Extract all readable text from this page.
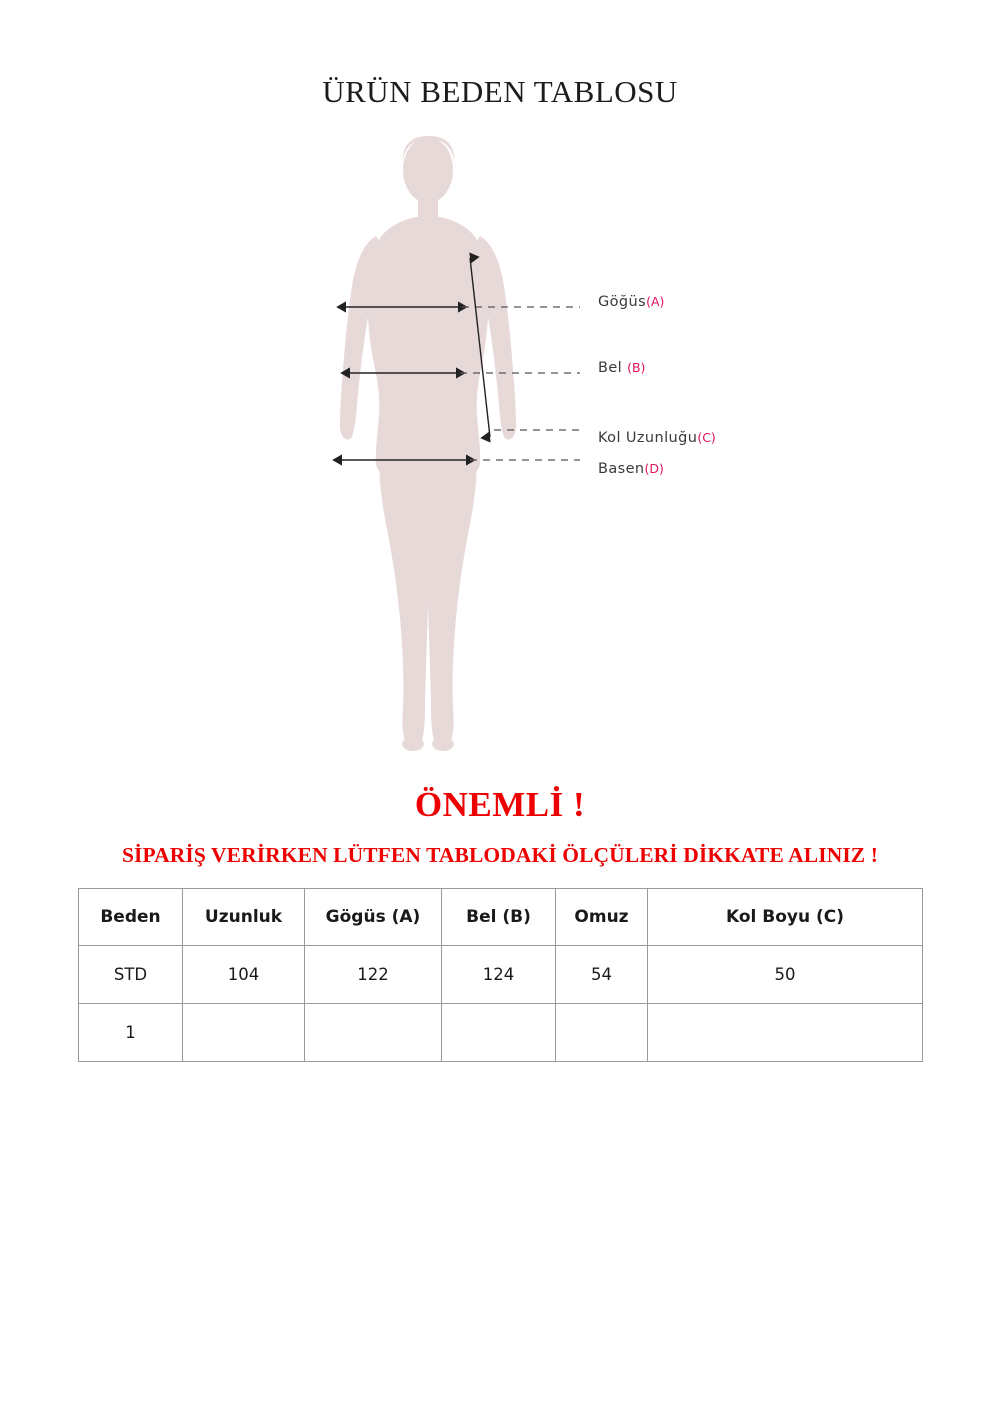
ÜRÜN BEDEN TABLOSU
Göğüs(A)
Bel (B)
Kol Uzunluğu(C)
Basen(D)
ÖNEMLİ !
SİPARİŞ VERİRKEN LÜTFEN TABLODAKİ ÖLÇÜLERİ DİKKATE ALINIZ !
Beden	Uzunluk	Gögüs (A)	Bel (B)	Omuz	Kol Boyu (C)
STD	104	122	124	54	50
1					
